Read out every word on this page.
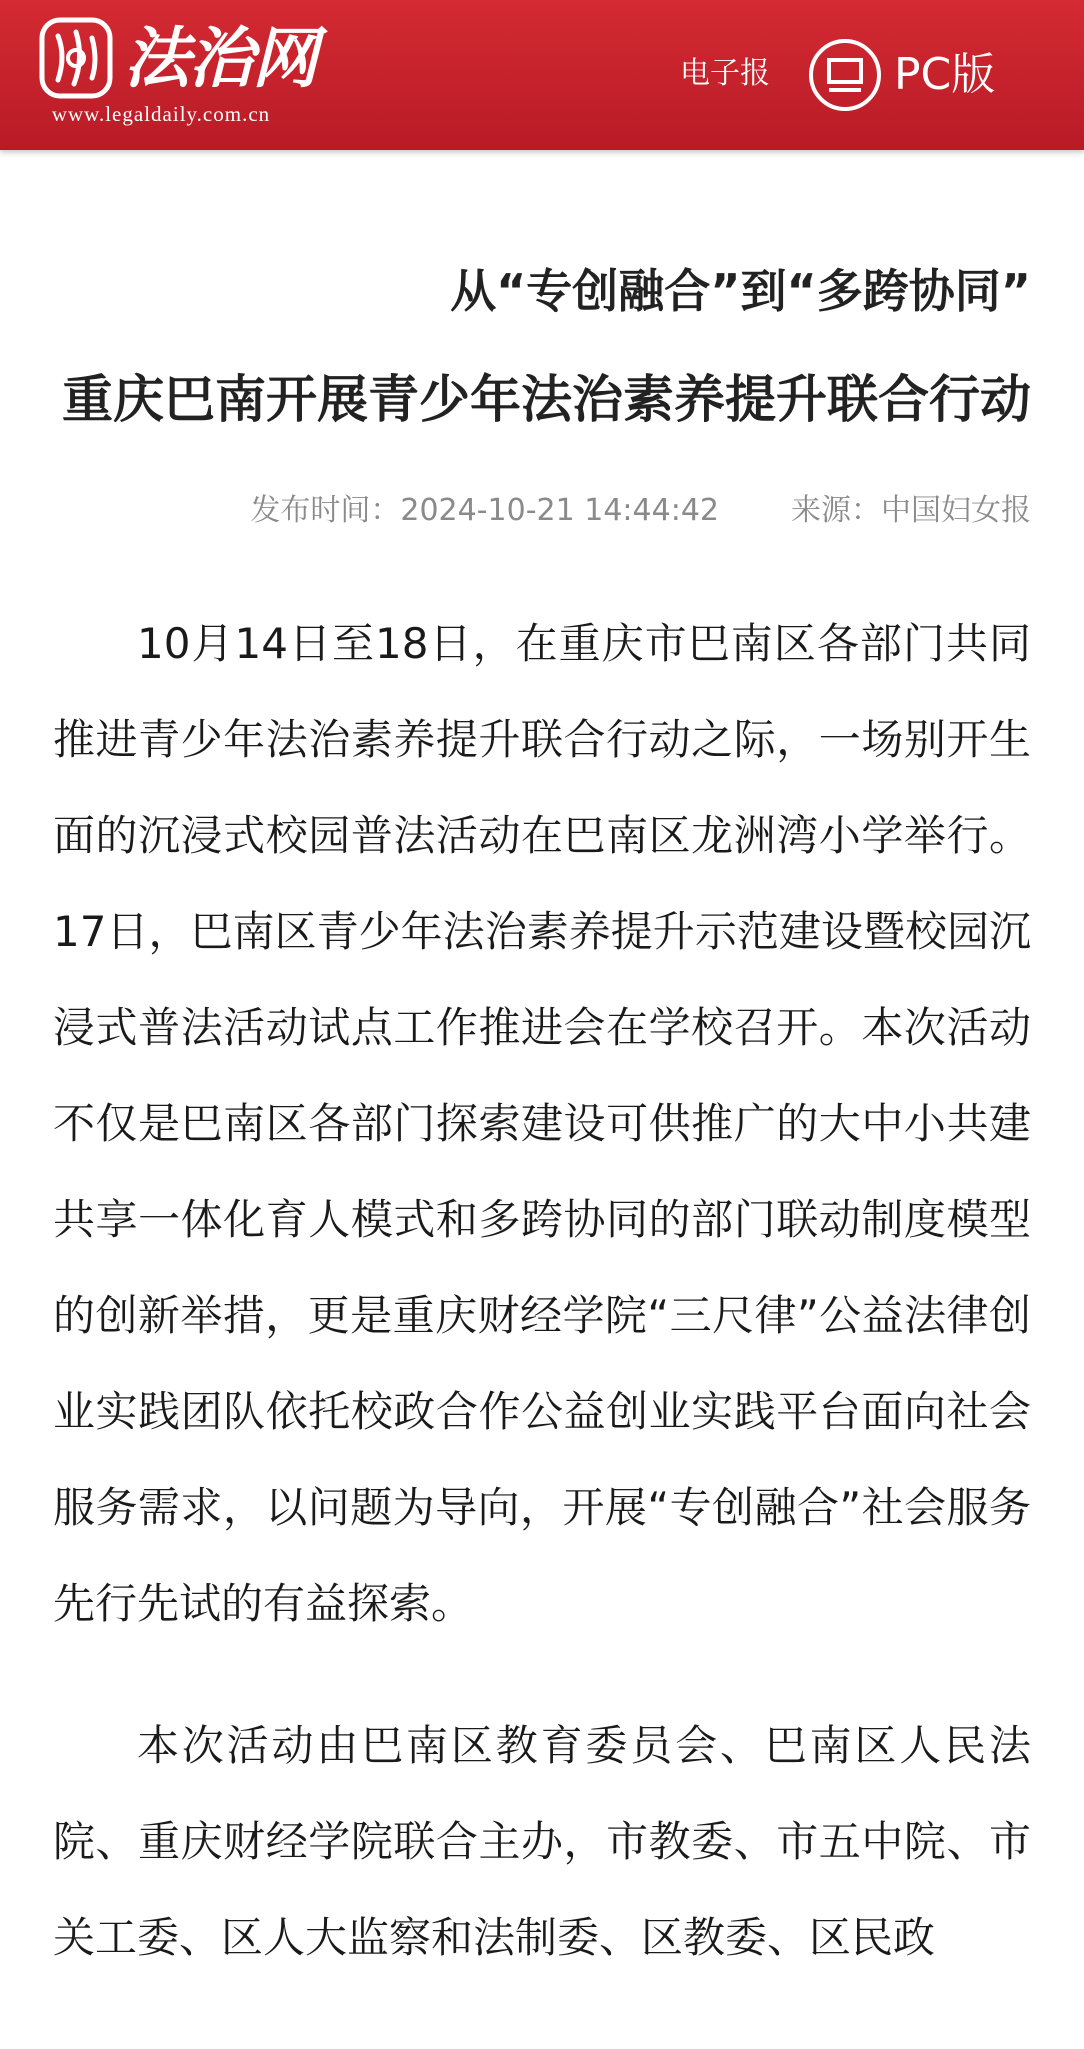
法治网
www.legaldaily.com.cn
电子报	PC版
从“专创融合”到“多跨协同”
重庆巴南开展青少年法治素养提升联合行动
发布时间：2024-10-21 14:44:42 来源：中国妇女报

10月14日至18日，在重庆市巴南区各部门共同推进青少年法治素养提升联合行动之际，一场别开生面的沉浸式校园普法活动在巴南区龙洲湾小学举行。17日，巴南区青少年法治素养提升示范建设暨校园沉浸式普法活动试点工作推进会在学校召开。本次活动不仅是巴南区各部门探索建设可供推广的大中小共建共享一体化育人模式和多跨协同的部门联动制度模型的创新举措，更是重庆财经学院“三尺律”公益法律创业实践团队依托校政合作公益创业实践平台面向社会服务需求，以问题为导向，开展“专创融合”社会服务先行先试的有益探索。

本次活动由巴南区教育委员会、巴南区人民法院、重庆财经学院联合主办，市教委、市五中院、市关工委、区人大监察和法制委、区教委、区民政
